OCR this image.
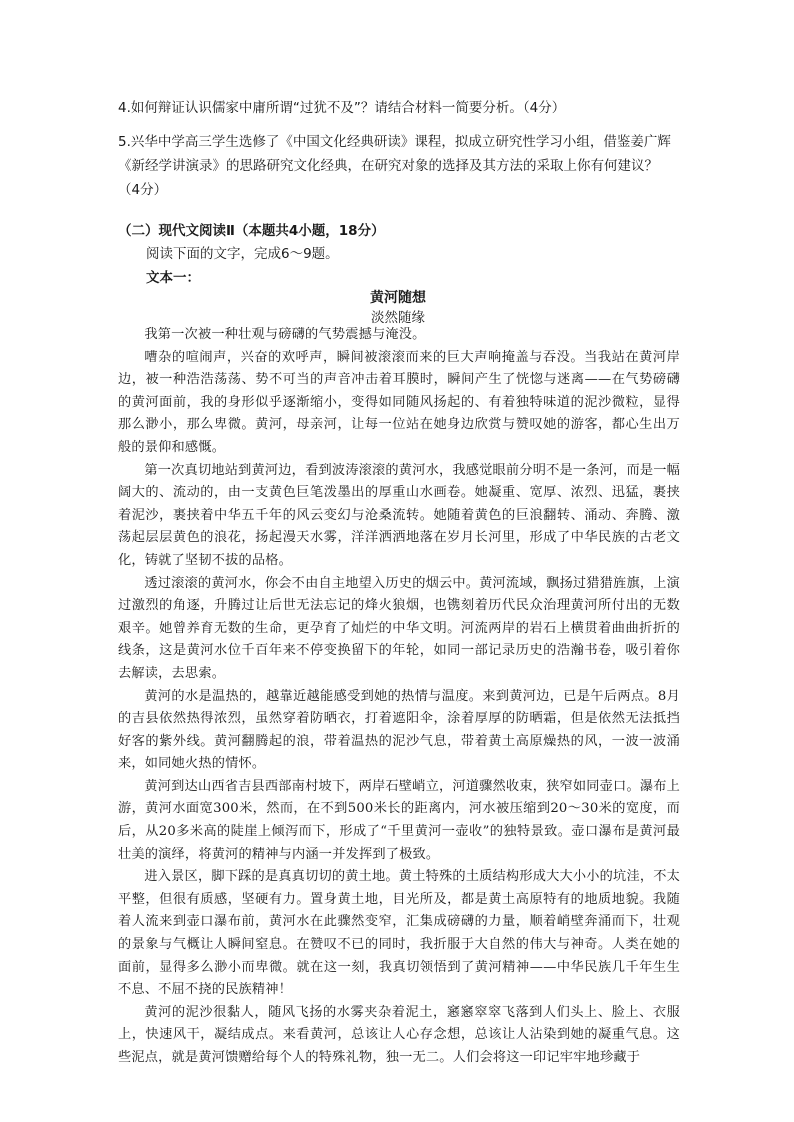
4.如何辩证认识儒家中庸所谓“过犹不及”？请结合材料一简要分析。（4分）
5.兴华中学高三学生选修了《中国文化经典研读》课程，拟成立研究性学习小组，借鉴姜广辉《新经学讲演录》的思路研究文化经典，在研究对象的选择及其方法的采取上你有何建议？（4分）
（二）现代文阅读Ⅱ（本题共4小题，18分）
阅读下面的文字，完成6～9题。
文本一：
黄河随想
淡然随缘

我第一次被一种壮观与磅礴的气势震撼与淹没。

嘈杂的喧闹声，兴奋的欢呼声，瞬间被滚滚而来的巨大声响掩盖与吞没。当我站在黄河岸边，被一种浩浩荡荡、势不可当的声音冲击着耳膜时，瞬间产生了恍惚与迷离——在气势磅礴的黄河面前，我的身形似乎逐渐缩小，变得如同随风扬起的、有着独特味道的泥沙微粒，显得那么渺小，那么卑微。黄河，母亲河，让每一位站在她身边欣赏与赞叹她的游客，都心生出万般的景仰和感慨。

第一次真切地站到黄河边，看到波涛滚滚的黄河水，我感觉眼前分明不是一条河，而是一幅阔大的、流动的，由一支黄色巨笔泼墨出的厚重山水画卷。她凝重、宽厚、浓烈、迅猛，裹挟着泥沙，裹挟着中华五千年的风云变幻与沧桑流转。她随着黄色的巨浪翻转、涌动、奔腾、激荡起层层黄色的浪花，扬起漫天水雾，洋洋洒洒地落在岁月长河里，形成了中华民族的古老文化，铸就了坚韧不拔的品格。

透过滚滚的黄河水，你会不由自主地望入历史的烟云中。黄河流域，飘扬过猎猎旌旗，上演过激烈的角逐，升腾过让后世无法忘记的烽火狼烟，也镌刻着历代民众治理黄河所付出的无数艰辛。她曾养育无数的生命，更孕育了灿烂的中华文明。河流两岸的岩石上横贯着曲曲折折的线条，这是黄河水位千百年来不停变换留下的年轮，如同一部记录历史的浩瀚书卷，吸引着你去解读，去思索。

黄河的水是温热的，越靠近越能感受到她的热情与温度。来到黄河边，已是午后两点。8月的吉县依然热得浓烈，虽然穿着防晒衣，打着遮阳伞，涂着厚厚的防晒霜，但是依然无法抵挡好客的紫外线。黄河翻腾起的浪，带着温热的泥沙气息，带着黄土高原燥热的风，一波一波涌来，如同她火热的情怀。

黄河到达山西省吉县西部南村坡下，两岸石壁峭立，河道骤然收束，狭窄如同壶口。瀑布上游，黄河水面宽300米，然而，在不到500米长的距离内，河水被压缩到20～30米的宽度，而后，从20多米高的陡崖上倾泻而下，形成了“千里黄河一壶收”的独特景致。壶口瀑布是黄河最壮美的演绎，将黄河的精神与内涵一并发挥到了极致。

进入景区，脚下踩的是真真切切的黄土地。黄土特殊的土质结构形成大大小小的坑洼，不太平整，但很有质感，坚硬有力。置身黄土地，目光所及，都是黄土高原特有的地质地貌。我随着人流来到壶口瀑布前，黄河水在此骤然变窄，汇集成磅礴的力量，顺着峭壁奔涌而下，壮观的景象与气概让人瞬间窒息。在赞叹不已的同时，我折服于大自然的伟大与神奇。人类在她的面前，显得多么渺小而卑微。就在这一刻，我真切领悟到了黄河精神——中华民族几千年生生不息、不屈不挠的民族精神！

黄河的泥沙很黏人，随风飞扬的水雾夹杂着泥土，窸窸窣窣飞落到人们头上、脸上、衣服上，快速风干，凝结成点。来看黄河，总该让人心存念想，总该让人沾染到她的凝重气息。这些泥点，就是黄河馈赠给每个人的特殊礼物，独一无二。人们会将这一印记牢牢地珍藏于
